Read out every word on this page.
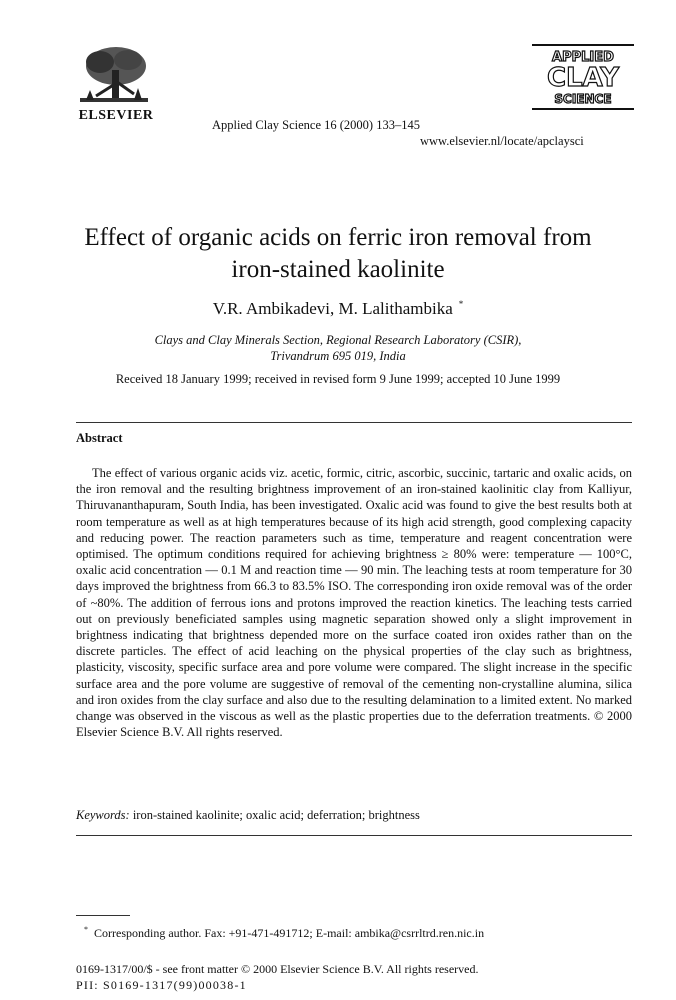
ELSEVIER
Applied Clay Science 16 (2000) 133–145
www.elsevier.nl/locate/apclaysci
APPLIED
CLAY
SCIENCE
Effect of organic acids on ferric iron removal from
iron-stained kaolinite
V.R. Ambikadevi, M. Lalithambika *
Clays and Clay Minerals Section, Regional Research Laboratory (CSIR),
Trivandrum 695 019, India
Received 18 January 1999; received in revised form 9 June 1999; accepted 10 June 1999
Abstract
The effect of various organic acids viz. acetic, formic, citric, ascorbic, succinic, tartaric and oxalic acids, on the iron removal and the resulting brightness improvement of an iron-stained kaolinitic clay from Kalliyur, Thiruvananthapuram, South India, has been investigated. Oxalic acid was found to give the best results both at room temperature as well as at high temperatures because of its high acid strength, good complexing capacity and reducing power. The reaction parameters such as time, temperature and reagent concentration were optimised. The optimum conditions required for achieving brightness ≥ 80% were: temperature — 100°C, oxalic acid concentration — 0.1 M and reaction time — 90 min. The leaching tests at room temperature for 30 days improved the brightness from 66.3 to 83.5% ISO. The corresponding iron oxide removal was of the order of ~80%. The addition of ferrous ions and protons improved the reaction kinetics. The leaching tests carried out on previously beneficiated samples using magnetic separation showed only a slight improvement in brightness indicating that brightness depended more on the surface coated iron oxides rather than on the discrete particles. The effect of acid leaching on the physical properties of the clay such as brightness, plasticity, viscosity, specific surface area and pore volume were compared. The slight increase in the specific surface area and the pore volume are suggestive of removal of the cementing non-crystalline alumina, silica and iron oxides from the clay surface and also due to the resulting delamination to a limited extent. No marked change was observed in the viscous as well as the plastic properties due to the deferration treatments. © 2000 Elsevier Science B.V. All rights reserved.
Keywords: iron-stained kaolinite; oxalic acid; deferration; brightness
* Corresponding author. Fax: +91-471-491712; E-mail: ambika@csrrltrd.ren.nic.in
0169-1317/00/$ - see front matter © 2000 Elsevier Science B.V. All rights reserved.
PII: S0169-1317(99)00038-1
